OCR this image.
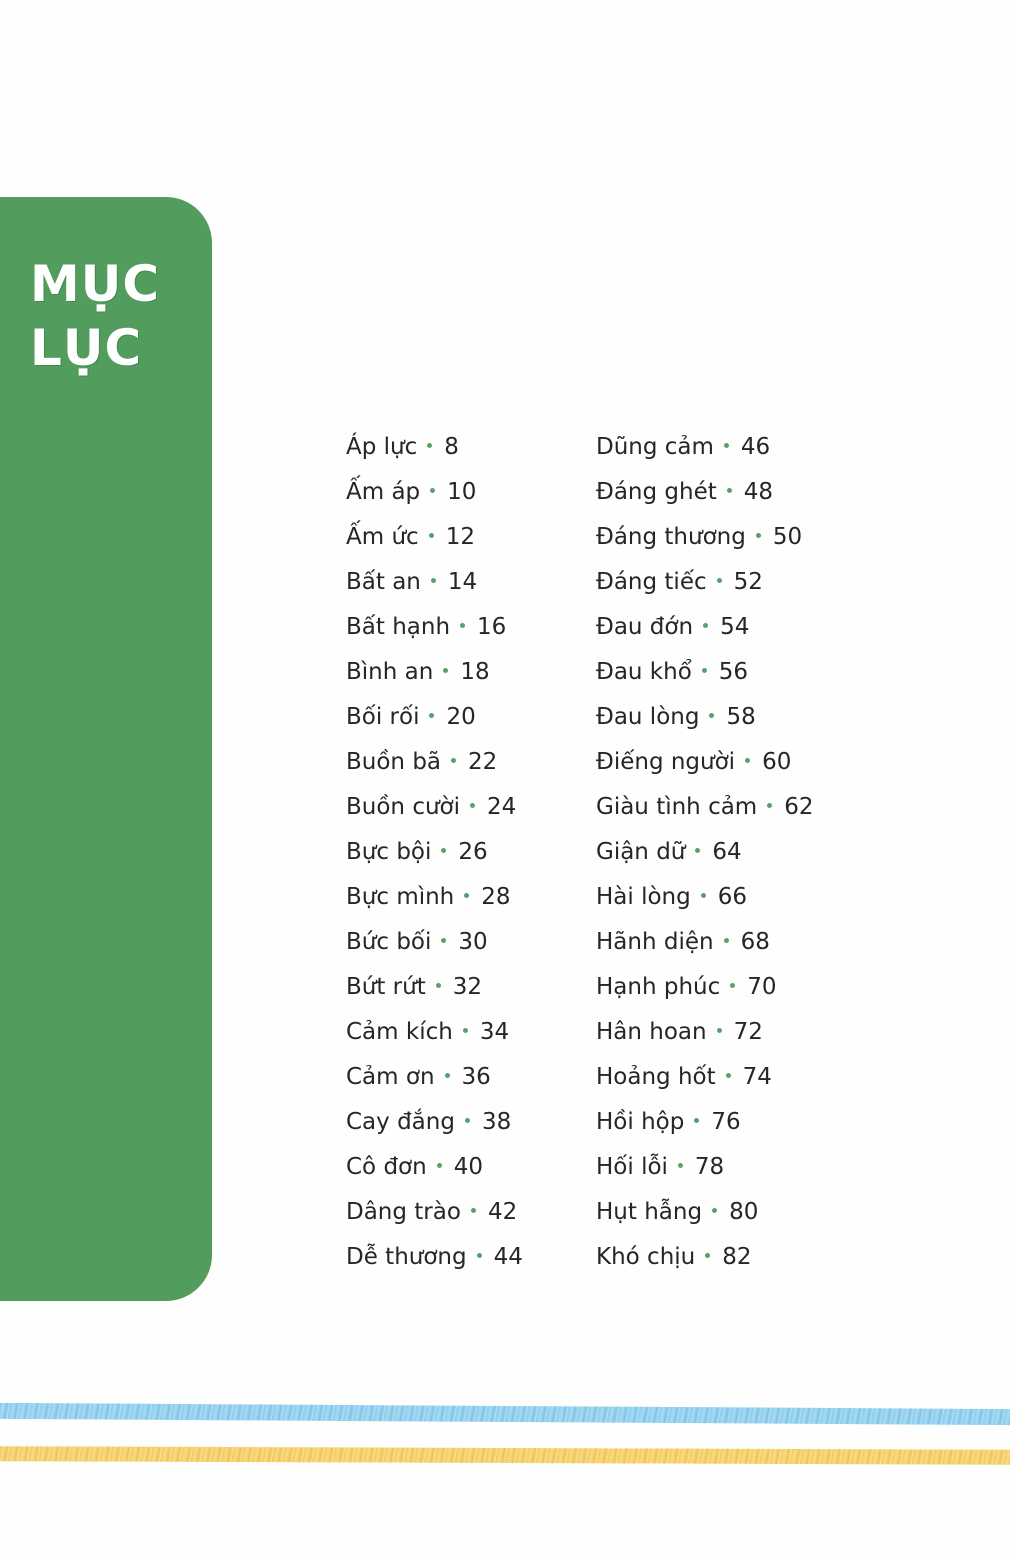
MỤC
LỤC
Áp lực 8
Ấm áp 10
Ấm ức 12
Bất an 14
Bất hạnh 16
Bình an 18
Bối rối 20
Buồn bã 22
Buồn cười 24
Bực bội 26
Bực mình 28
Bức bối 30
Bứt rứt 32
Cảm kích 34
Cảm ơn 36
Cay đắng 38
Cô đơn 40
Dâng trào 42
Dễ thương 44
Dũng cảm 46
Đáng ghét 48
Đáng thương 50
Đáng tiếc 52
Đau đớn 54
Đau khổ 56
Đau lòng 58
Điếng người 60
Giàu tình cảm 62
Giận dữ 64
Hài lòng 66
Hãnh diện 68
Hạnh phúc 70
Hân hoan 72
Hoảng hốt 74
Hồi hộp 76
Hối lỗi 78
Hụt hẫng 80
Khó chịu 82
